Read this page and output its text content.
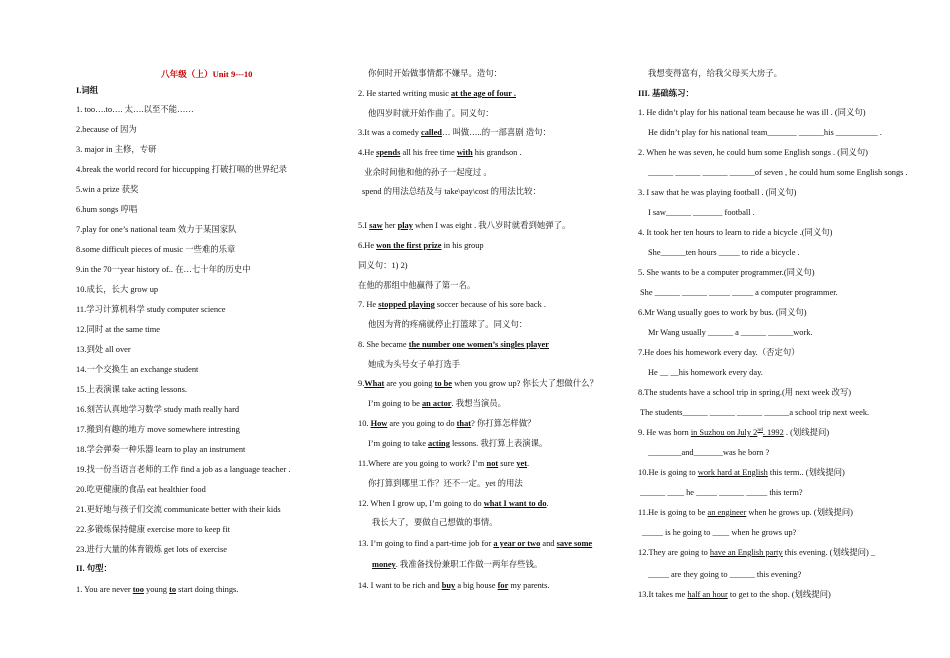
八年级（上）Unit 9---10
I.词组
1. too….to…. 太….以至不能……
2.because of 因为
3. major in 主修，专研
4.break the world record for hiccupping 打破打嗝的世界纪录
5.win a prize 获奖
6.hum songs 哼唱
7.play for one’s national team 效力于某国家队
8.some difficult pieces of music 一些难的乐章
9.in the 70一year history of.. 在…七十年的历史中
10.成长，长大 grow up
11.学习计算机科学 study computer science
12.同时 at the same time
13.到处 all over
14.一个交换生 an exchange student
15.上表演课 take acting lessons.
16.刻苦认真地学习数学 study math really hard
17.搬到有趣的地方 move somewhere intresting
18.学会弹奏一种乐器 learn to play an instrument
19.找一份当语言老师的工作 find a job as a language teacher .
20.吃更健康的食品 eat healthier food
21.更好地与孩子们交流 communicate better with their kids
22.多锻炼保持健康 exercise more to keep fit
23.进行大量的体育锻炼 get lots of exercise
II. 句型：
1. You are never too young to start doing things.
你何时开始做事情都不嫌早。造句：
2. He started writing music at the age of four .
他四岁时就开始作曲了。同义句：
3.It was a comedy called… 叫做…..的一部喜剧 造句：
4.He spends all his free time with his grandson .
业余时间他和他的孙子一起度过 。
spend 的用法总结及与 take\pay\cost 的用法比较：
5.I saw her play when I was eight . 我八岁时就看到她弹了。
6.He won the first prize in his group
同义句：1) 2)
在他的那组中他赢得了第一名。
7. He stopped playing soccer because of his sore back .
他因为背的疼痛就停止打篮球了。同义句：
8. She became the number one women’s singles player
她成为头号女子单打选手
9.What are you going to be when you grow up? 你长大了想做什么？
I’m going to be an actor. 我想当演员。
10. How are you going to do that? 你打算怎样做？
I’m going to take acting lessons. 我打算上表演课。
11.Where are you going to work? I’m not sure yet.
你打算到哪里工作？还不一定。yet 的用法
12. When I grow up, I’m going to do what I want to do.
我长大了，要做自己想做的事情。
13. I’m going to find a part-time job for a year or two and save some
money. 我准备找份兼职工作做一两年存些钱。
14. I want to be rich and buy a big house for my parents.
我想变得富有，给我父母买大房子。
III. 基础练习：
1. He didn’t play for his national team because he was ill . (同义句)
He didn’t play for his national team_______ ______his __________ .
2. When he was seven, he could hum some English songs . (同义句)
______ ______ ______ ______of seven , he could hum some English songs .
3. I saw that he was playing football . (同义句)
I saw______ _______ football .
4. It took her ten hours to learn to ride a bicycle .(同义句)
She______ten hours _____ to ride a bicycle .
5. She wants to be a computer programmer.(同义句)
She ______ ______ _____ _____ a computer programmer.
6.Mr Wang usually goes to work by bus. (同义句)
Mr Wang usually ______ a ______ ______work.
7.He does his homework every day.（否定句）
He __ __his homework every day.
8.The students have a school trip in spring.(用 next week 改写)
The students______ ______ ______ ______a school trip next week.
9. He was born in Suzhou on July 2nd. 1992 . (划线提问)
________and_______was he born ?
10.He is going to work hard at English this term.. (划线提问)
______ ____ he _____ ______ _____ this term?
11.He is going to be an engineer when he grows up. (划线提问)
_____ is he going to ____ when he grows up?
12.They are going to have an English party this evening. (划线提问) _
_____ are they going to ______ this evening?
13.It takes me half an hour to get to the shop. (划线提问)
